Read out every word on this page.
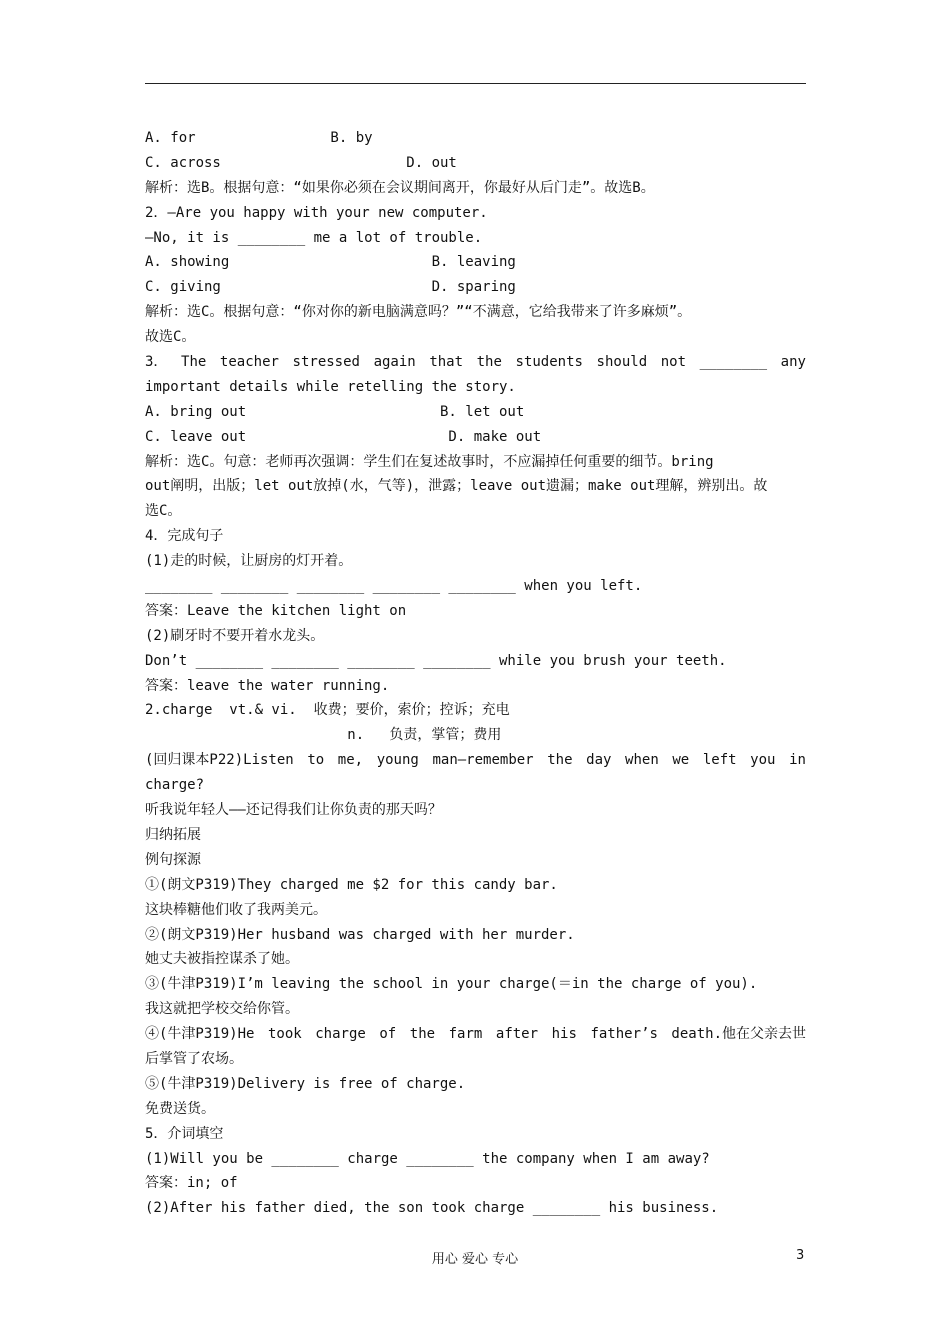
A. for                B. by
C. across                      D. out
解析：选B。根据句意：“如果你必须在会议期间离开，你最好从后门走”。故选B。
2．—Are you happy with your new computer.
—No, it is ________ me a lot of trouble.
A. showing                        B. leaving
C. giving                         D. sparing
解析：选C。根据句意：“你对你的新电脑满意吗？”“不满意，它给我带来了许多麻烦”。
故选C。
3． The teacher stressed again that the students should not ________ any
important details while retelling the story.
A. bring out                       B. let out
C. leave out                        D. make out
解析：选C。句意：老师再次强调：学生们在复述故事时，不应漏掉任何重要的细节。bring
out阐明，出版；let out放掉(水，气等)，泄露；leave out遗漏；make out理解，辨别出。故
选C。
4．完成句子
(1)走的时候，让厨房的灯开着。
________ ________ ________ ________ ________ when you left.
答案：Leave the kitchen light on
(2)刷牙时不要开着水龙头。
Don’t ________ ________ ________ ________ while you brush your teeth.
答案：leave the water running.
2.charge  vt.& vi.  收费；要价，索价；控诉；充电
n.   负责，掌管；费用
(回归课本P22)Listen to me, young man—remember the day when we left you in
charge?
听我说年轻人——还记得我们让你负责的那天吗？
归纳拓展
例句探源
①(朗文P319)They charged me $2 for this candy bar.
这块棒糖他们收了我两美元。
②(朗文P319)Her husband was charged with her murder.
她丈夫被指控谋杀了她。
③(牛津P319)I’m leaving the school in your charge(＝in the charge of you).
我这就把学校交给你管。
④(牛津P319)He took charge of the farm after his father’s death.他在父亲去世
后掌管了农场。
⑤(牛津P319)Delivery is free of charge.
免费送货。
5．介词填空
(1)Will you be ________ charge ________ the company when I am away?
答案：in; of
(2)After his father died, the son took charge ________ his business.
用心 爱心 专心	3
